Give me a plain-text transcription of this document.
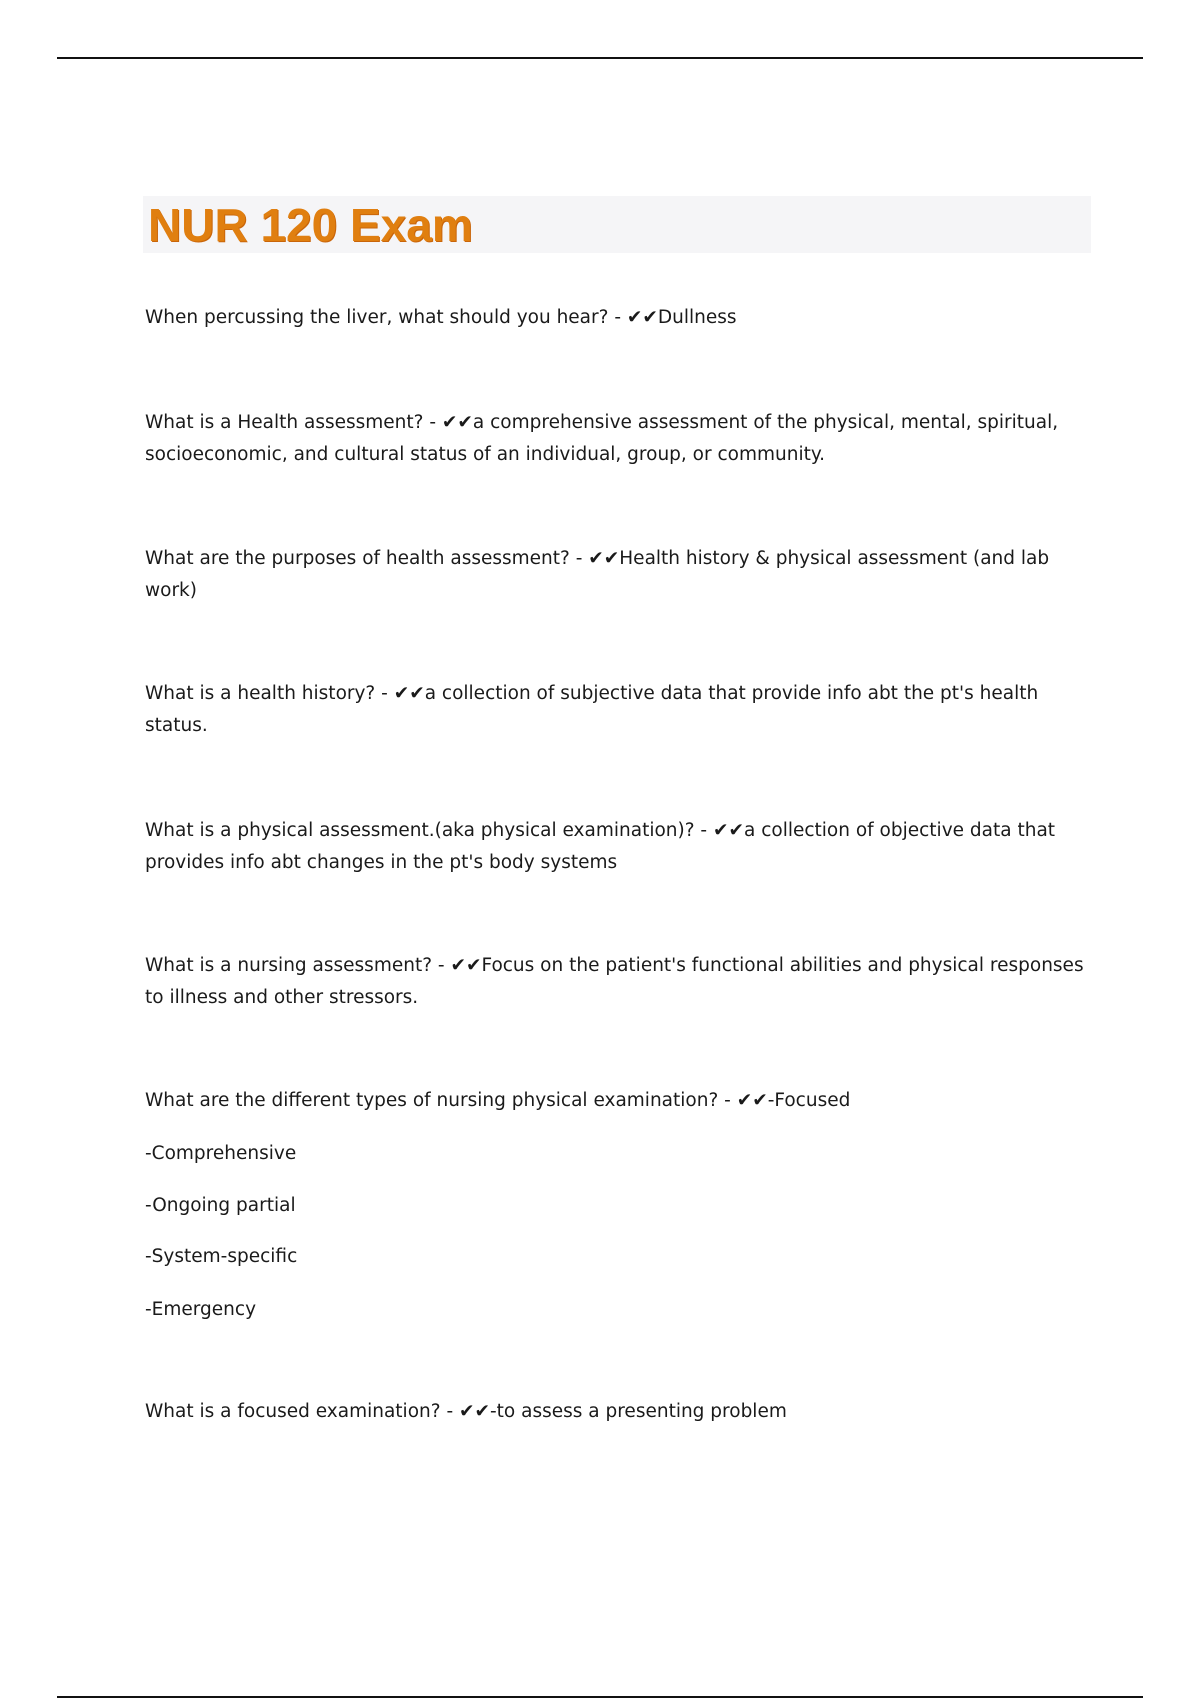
NUR 120 Exam

When percussing the liver, what should you hear? - ✔✔Dullness

What is a Health assessment? - ✔✔a comprehensive assessment of the physical, mental, spiritual, socioeconomic, and cultural status of an individual, group, or community.

What are the purposes of health assessment? - ✔✔Health history & physical assessment (and lab work)

What is a health history? - ✔✔a collection of subjective data that provide info abt the pt's health status.

What is a physical assessment.(aka physical examination)? - ✔✔a collection of objective data that provides info abt changes in the pt's body systems

What is a nursing assessment? - ✔✔Focus on the patient's functional abilities and physical responses to illness and other stressors.

What are the different types of nursing physical examination? - ✔✔-Focused

-Comprehensive
-Ongoing partial
-System-specific
-Emergency

What is a focused examination? - ✔✔-to assess a presenting problem
